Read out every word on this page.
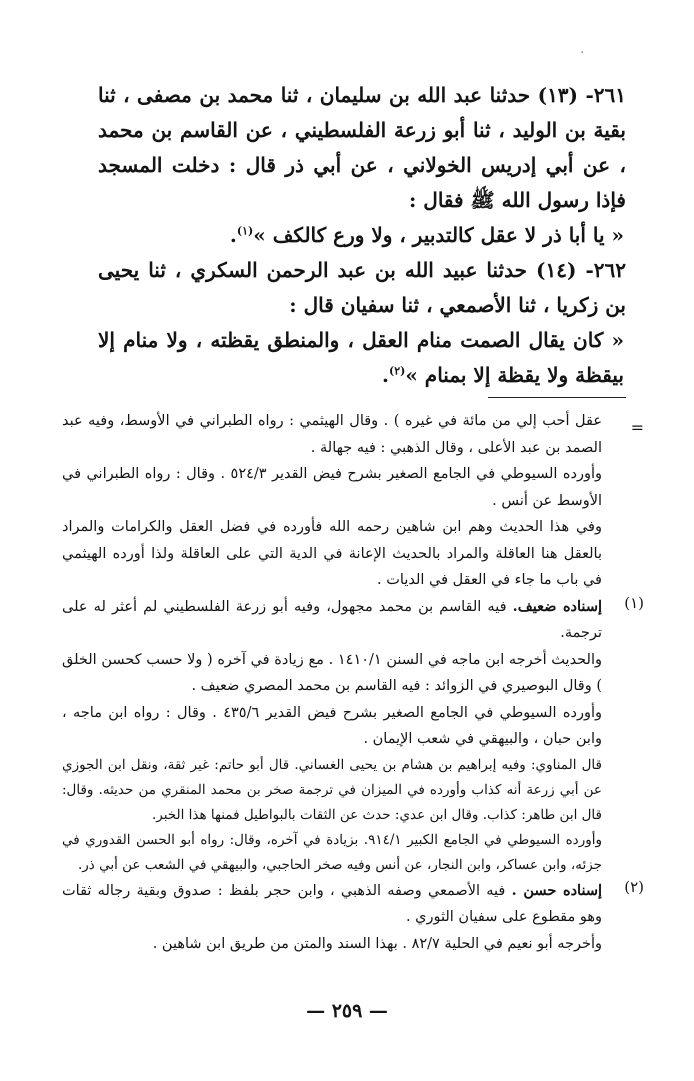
٢٦١- (١٣) حدثنا عبد الله بن سليمان ، ثنا محمد بن مصفى ، ثنا بقية بن الوليد ، ثنا أبو زرعة الفلسطيني ، عن القاسم بن محمد ، عن أبي إدريس الخولاني ، عن أبي ذر قال : دخلت المسجد فإذا رسول الله ﷺ فقال :

« يا أبا ذر لا عقل كالتدبير ، ولا ورع كالكف »$^{(١)}$.

٢٦٢- (١٤) حدثنا عبيد الله بن عبد الرحمن السكري ، ثنا يحيى بن زكريا ، ثنا الأصمعي ، ثنا سفيان قال :

« كان يقال الصمت منام العقل ، والمنطق يقظته ، ولا منام إلا بيقظة ولا يقظة إلا بمنام »$^{(٢)}$.

=
عقل أحب إلي من مائة في غيره ) . وقال الهيثمي : رواه الطبراني في الأوسط، وفيه عبد الصمد بن عبد الأعلى ، وقال الذهبي : فيه جهالة .
وأورده السيوطي في الجامع الصغير بشرح فيض القدير ٥٢٤/٣ . وقال : رواه الطبراني في الأوسط عن أنس .
وفي هذا الحديث وهم ابن شاهين رحمه الله فأورده في فضل العقل والكرامات والمراد بالعقل هنا العاقلة والمراد بالحديث الإعانة في الدية التي على العاقلة ولذا أورده الهيثمي في باب ما جاء في العقل في الديات .
(١)
إسناده ضعيف. فيه القاسم بن محمد مجهول، وفيه أبو زرعة الفلسطيني لم أعثر له على ترجمة.
والحديث أخرجه ابن ماجه في السنن ١٤١٠/١ . مع زيادة في آخره ( ولا حسب كحسن الخلق ) وقال البوصيري في الزوائد : فيه القاسم بن محمد المصري ضعيف .
وأورده السيوطي في الجامع الصغير بشرح فيض القدير ٤٣٥/٦ . وقال : رواه ابن ماجه ، وابن حبان ، والبيهقي في شعب الإيمان .
قال المناوي: وفيه إبراهيم بن هشام بن يحيى الغساني. قال أبو حاتم: غير ثقة، ونقل ابن الجوزي عن أبي زرعة أنه كذاب وأورده في الميزان في ترجمة صخر بن محمد المنقري من حديثه. وقال: قال ابن طاهر: كذاب. وقال ابن عدي: حدث عن الثقات بالبواطيل فمنها هذا الخبر.
وأورده السيوطي في الجامع الكبير ٩١٤/١. بزيادة في آخره، وقال: رواه أبو الحسن القدوري في جزئه، وابن عساكر، وابن النجار، عن أنس وفيه صخر الحاجبي، والبيهقي في الشعب عن أبي ذر.
(٢)
إسناده حسن . فيه الأصمعي وصفه الذهبي ، وابن حجر بلفظ : صدوق وبقية رجاله ثقات وهو مقطوع على سفيان الثوري .
وأخرجه أبو نعيم في الحلية ٨٢/٧ . بهذا السند والمتن من طريق ابن شاهين .
— ٢٥٩ —
